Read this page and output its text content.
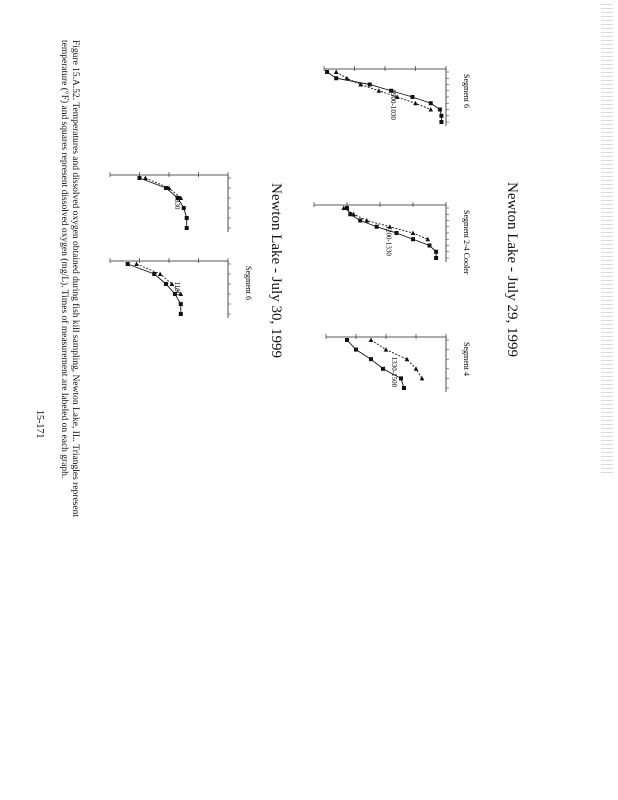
Newton Lake - July 29, 1999
Newton Lake - July 30, 1999
Figure 15.A.52. Temperatures and dissolved oxygen obtained during fish kill sampling, Newton Lake, IL. Triangles represent
temperature (°F) and squares represent dissolved oxygen (mg/L). Times of measurement are labeled on each graph.
15-171
Segment 6
0900-1030
Segment 2-4 Cooler
1200-1330
Segment 4
1330-1500
0830
Segment 6
1100
